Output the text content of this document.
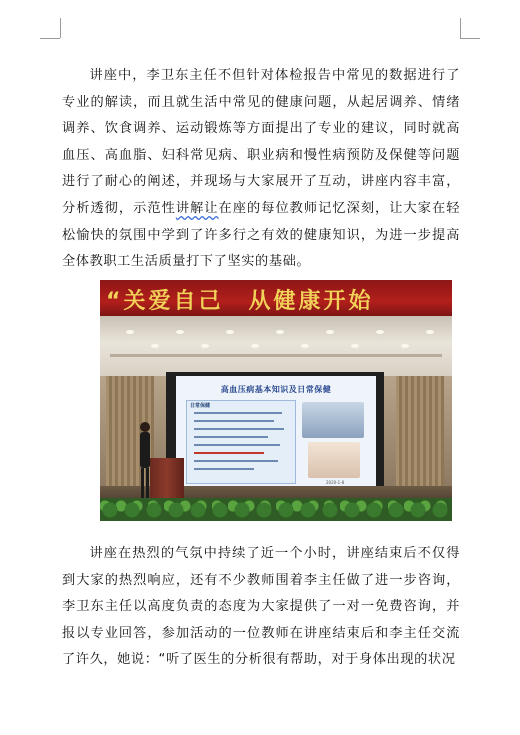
讲座中，李卫东主任不但针对体检报告中常见的数据进行了专业的解读，而且就生活中常见的健康问题，从起居调养、情绪调养、饮食调养、运动锻炼等方面提出了专业的建议，同时就高血压、高血脂、妇科常见病、职业病和慢性病预防及保健等问题进行了耐心的阐述，并现场与大家展开了互动，讲座内容丰富，分析透彻，示范性讲解让在座的每位教师记忆深刻，让大家在轻松愉快的氛围中学到了许多行之有效的健康知识，为进一步提高全体教职工生活质量打下了坚实的基础。

“关爱自己　从健康开始
高血压病基本知识及日常保健
日常保健
2020-1-8

讲座在热烈的气氛中持续了近一个小时，讲座结束后不仅得到大家的热烈响应，还有不少教师围着李主任做了进一步咨询，李卫东主任以高度负责的态度为大家提供了一对一免费咨询，并报以专业回答，参加活动的一位教师在讲座结束后和李主任交流了许久，她说：“听了医生的分析很有帮助，对于身体出现的状况
